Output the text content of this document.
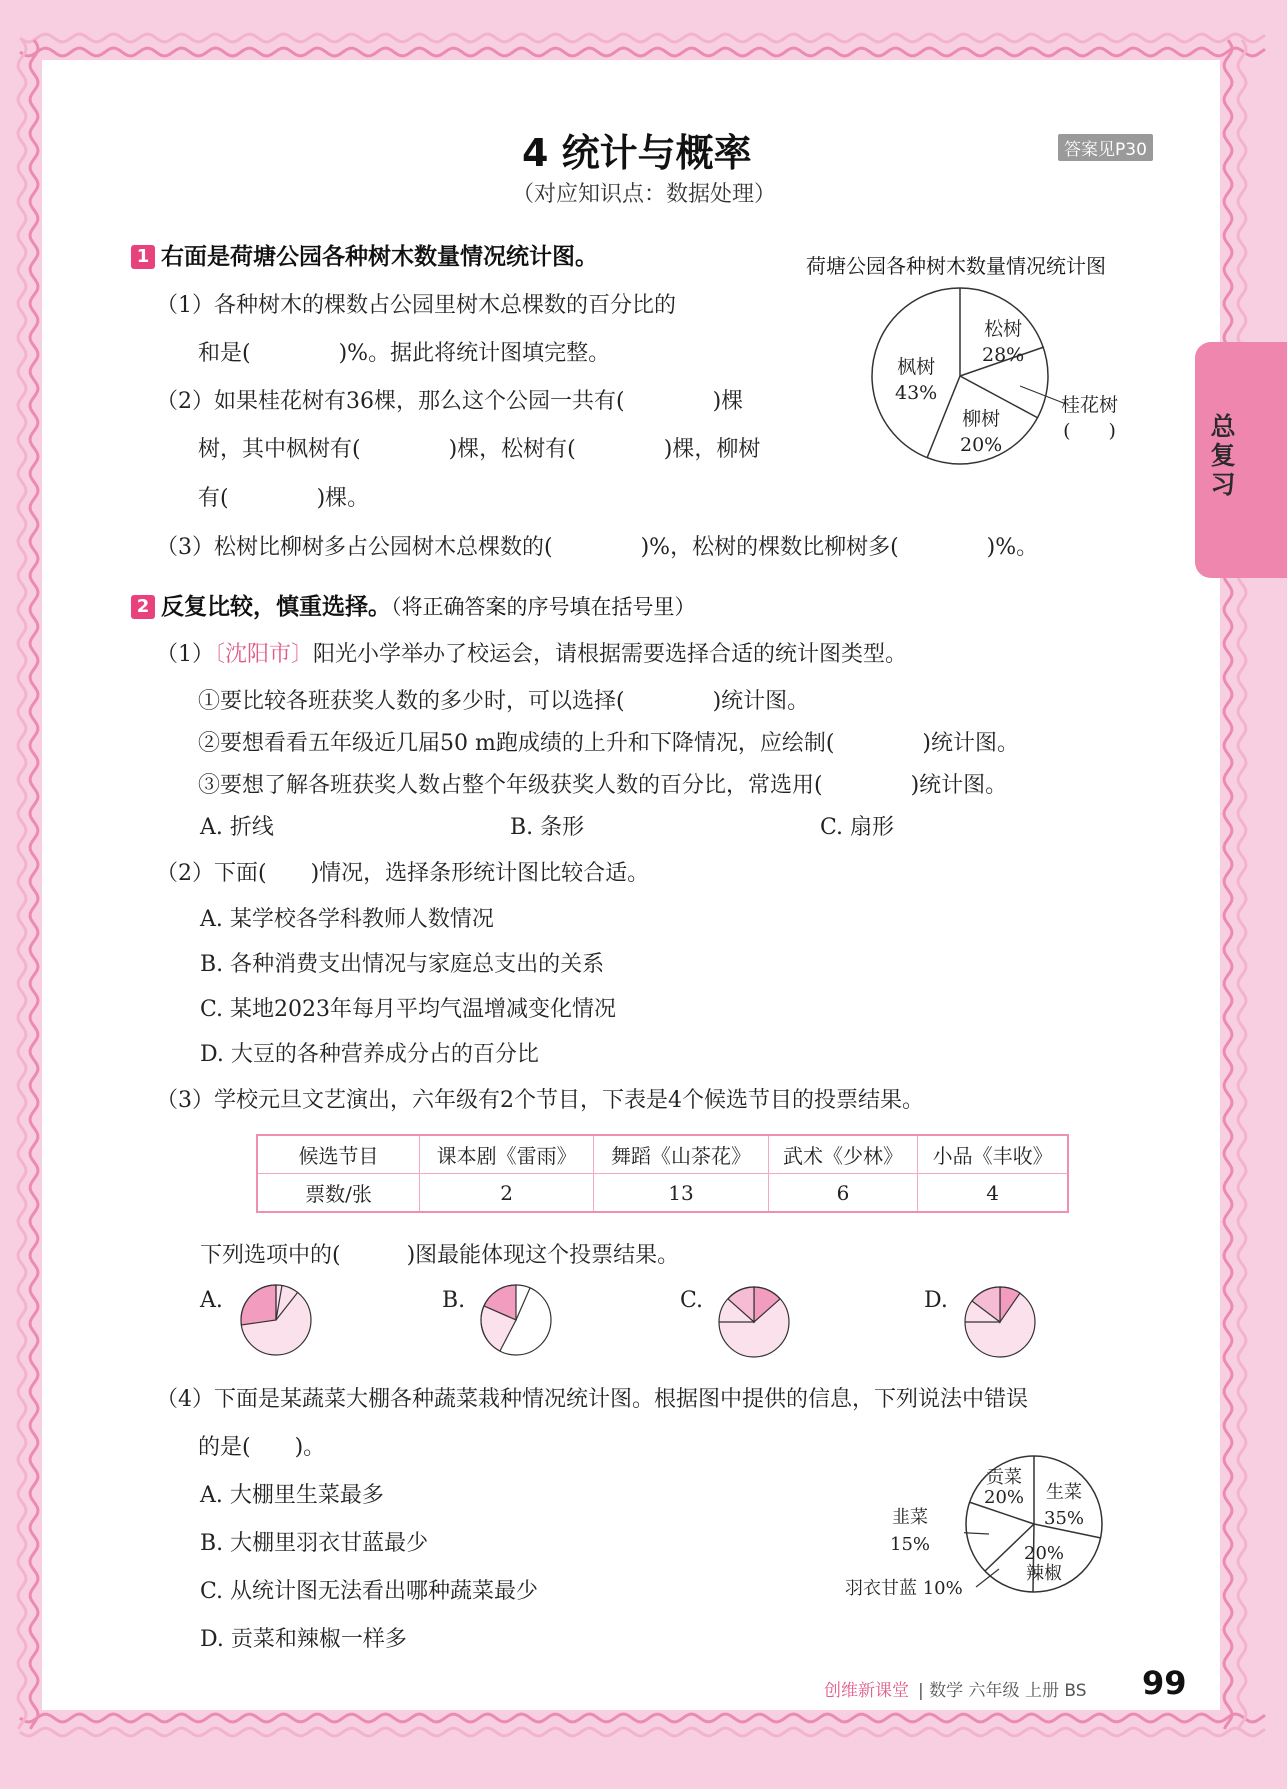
4 统计与概率	答案见P30
（对应知识点：数据处理）
总复习
1 右面是荷塘公园各种树木数量情况统计图。
（1）各种树木的棵数占公园里树木总棵数的百分比的
和是(　　　　)%。据此将统计图填完整。
（2）如果桂花树有36棵，那么这个公园一共有(　　　　)棵
树，其中枫树有(　　　　)棵，松树有(　　　　)棵，柳树
有(　　　　)棵。
（3）松树比柳树多占公园树木总棵数的(　　　　)%，松树的棵数比柳树多(　　　　)%。
荷塘公园各种树木数量情况统计图
枫树
43%
松树
28%
柳树
20%
桂花树
(　　)
2 反复比较，慎重选择。（将正确答案的序号填在括号里）
（1）〔沈阳市〕阳光小学举办了校运会，请根据需要选择合适的统计图类型。
①要比较各班获奖人数的多少时，可以选择(　　　　)统计图。
②要想看看五年级近几届50 m跑成绩的上升和下降情况，应绘制(　　　　)统计图。
③要想了解各班获奖人数占整个年级获奖人数的百分比，常选用(　　　　)统计图。
A. 折线	B. 条形	C. 扇形
（2）下面(　　)情况，选择条形统计图比较合适。
A. 某学校各学科教师人数情况
B. 各种消费支出情况与家庭总支出的关系
C. 某地2023年每月平均气温增减变化情况
D. 大豆的各种营养成分占的百分比
（3）学校元旦文艺演出，六年级有2个节目，下表是4个候选节目的投票结果。
候选节目	课本剧《雷雨》	舞蹈《山茶花》	武术《少林》	小品《丰收》
票数/张	2	13	6	4
下列选项中的(　　　)图最能体现这个投票结果。
A.	B.	C.	D.
（4）下面是某蔬菜大棚各种蔬菜栽种情况统计图。根据图中提供的信息，下列说法中错误
的是(　　)。
A. 大棚里生菜最多
B. 大棚里羽衣甘蓝最少
C. 从统计图无法看出哪种蔬菜最少
D. 贡菜和辣椒一样多
贡菜
20% 生菜
35%
20%
辣椒
韭菜
15%
羽衣甘蓝 10%
创维新课堂 | 数学 六年级 上册 BS 99
